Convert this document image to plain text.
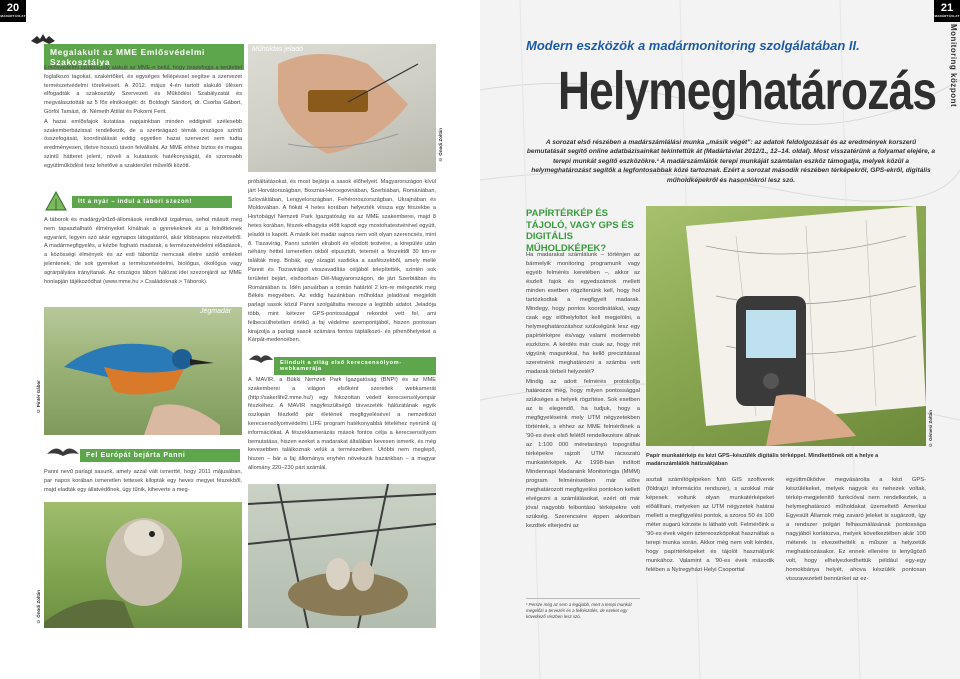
20
MADÁRTÁVLAT
Megalakult az MME Emlősvédelmi Szakosztálya

Emlősvédelmi szakosztály alakult az MME-n belül, hogy összefogja a területtel foglalkozó tagokat, szakértőket, és egységes fellépéssel segítse a szervezet természetvédelmi törekvéseit. A 2012. május 4-én tartott alakuló ülésen elfogadták a szakosztály Szervezeti és Működési Szabályzatát és megválasztották az 5 fős elnökségét: dr. Boldogh Sándort, dr. Csorba Gábort, Görföl Tamást, dr. Németh Attilát és Pokorni Ferit.

A hazai emlősfajok kutatása napjainkban minden eddiginél szélesebb szakemberbázissal rendelkezik, de a szerteágazó témák országos szintű összefogását, koordinálását eddig egyetlen hazai szervezet sem tudta eredményesen, illetve hosszú távon felvállalni. Az MME ehhez biztos és magas szintű hátteret jelent, növeli a kutatások hatékonyságát, és szorosabb együttműködést tesz lehetővé a szakterület művelői között.

Itt a nyár – indul a tábori szezon!

A táborok és madárgyűrűző-állomások rendkívül izgalmas, sehol másutt meg nem tapasztalható élményeket kínálnak a gyerekeknek és a felnőtteknek egyaránt, legyen szó akár egynapos látogatásról, akár többnapos részvételről. A madármegfigyelés, a kézbe fogható madarak, a természetvédelmi előadások, a közösségi élmények és az esti tábortűz nemcsak életre szóló emléket jelentenek, de sok gyereket a természetvédelmi, biológus, ökológus vagy agrárpályára irányítanak. Az országos tábori hálózat idei szezonjáról az MME honlapján tájékozódhat (www.mme.hu > Családoknak > Táborok).

Jégmadár
© Pintér Gábor
Fel Európát bejárta Panni

Panni nevű parlagi sasunk, amely azzal vált ismertté, hogy 2011 májusában, par napos korában ismeretlen tettesek kilopták egy heves megyei fészekből, majd eladták egy állatvédőnek, úgy tűnik, kiheverte a meg-

© Ónodi Zoltán
Műholdas jeladó
© Ónodi Zoltán

próbáltatásokat, és most bejárja a sasok élőhelyeit. Magyarországon kívül járt Horvátországban, Bosznia-Hercegovinában, Szerbiában, Romániában, Szlovákiában, Lengyelországban, Fehéroroszországban, Ukrajnában és Moldovában. A fiókát 4 hetes korában helyezték vissza egy fészekbe a Hortobágyi Nemzeti Park Igazgatóság és az MME szakemberei, majd 8 hetes korában, fészek-elhagyás előtt kapott egy mostohatestvérével együtt, jeladót is kapott. A másik két madár sajnos nem volt olyan szerencsés, mint ő. Tiszavirág, Panni szintén elrabolt és elodott testvére, a kirepülés után néhány héttel ismeretlen okból elpusztult, tetemét a fészektől 30 km-re találták meg. Bobák, egy sízagát sasfióka a sasfészekből, amely mellé Pannit és Tiszavirágot visszavadítás céljából telepítették, szintén sok területet bejárt, elsősorban Dél-Magyarországon, de járt Szerbiában és Romániában is. Idén januárban a román határtól 2 km-re mérgezték meg Békés megyében. Az eddig hazánkban műholdas jeladóval megjelölt parlagi sasok közül Panni szolgáltatta messze a legtöbb adatot. Jeladója több, mint kétezer GPS-pontossággal rekordot vett fel, ami felbecsülhetetlen értékű a faj védelme szempontjából, hiszen pontosan kirajzolja a parlagi sasok számára fontos táplálkozó- és pihenőhelyeket a Kárpát-medencében.

Elindult a világ első kerecsensólyom-webkamerája

A MAVIR, a Bükki Nemzeti Park Igazgatóság (BNPI) és az MME szakemberei a világon elsőként szereltek webkamerát (http://sakerlife2.mme.hu/) egy fokozottan védett kerecsensólyompár fészkéhez. A MAVIR nagyfeszültségű távvezeték hálózatának egyik oszlopán fészkelő pár életének megfigyelésével a nemzetközi kerecsensólyomvédelmi LIFE program hatékonyabbá tételéhez nyerünk új információkat. A fészekkamerázás mások fontos célja a kerecsensólyom bemutatása, hiszen ezeket a madarakat általában kevesen ismerik, és még kevesebben találkoznak velük a természetben. Utóbbi nem meglepő, hiszen – bár a faj állománya enyhén növekszik hazánkban – a magyar állomány 220–230 párt számlál.

21
MADÁRTÁVLAT
Monitoring központ
Modern eszközök a madármonitoring szolgálatában II.
Helymeghatározás
A sorozat első részében a madárszámlálási munka „másik végét”: az adatok feldolgozását és az eredmények korszerű bemutatását segítő online adatbázisainkat tekintettük át (Madártávlat 2012/1., 12–14. oldal). Most visszatérünk a folyamat elejére, a terepi munkát segítő eszközökre.¹ A madárszámlálók terepi munkáját számtalan eszköz támogatja, melyek közül a helymeghatározást segítők a legfontosabbak közé tartoznak. Ezért a sorozat második részében térképekről, GPS-ekről, digitális műholdképekről és hasonlókról lesz szó.
PAPÍRTÉRKÉP ÉS TÁJOLÓ, VAGY GPS ÉS DIGITÁLIS MŰHOLDKÉPEK?

Ha madarakat számlálunk – történjen az bármelyik monitoring programunk vagy egyéb felmérés keretében –, akkor az észlelt fajok és egyedszámok mellett minden esetben rögzítenünk kell, hogy hol tartózkodtak a megfigyelt madarak. Mindegy, hogy pontos koordinátákat, vagy csak egy előhelyfoltot kell megjelölni, a helymeghatározáshoz szükségünk lesz egy papírtérképre és/vagy valami modernebb eszközre. A kérdés már csak az, hogy mit vigyünk magunkkal, ha kellő precizitással szeretnénk meghatározni a számba vett madarak térbeli helyzetét?

Mindig az adott felmérés protokollja határozza meg, hogy milyen pontossággal szükséges a helyek rögzítése. Sok esetben az is elegendő, ha tudjuk, hogy a megfigyeléseink mely UTM négyzetekben történtek, s ehhez az MME felmérőinek a '90-es évek első felétől rendelkezésre állnak az 1:100 000 méretarányú topográfiai térképekre rajzolt UTM rácsozatú munkatérképek. Az 1998-ban indított Mindennapi Madaraink Monitoringja (MMM) program felméréseiben már előre meghatározott megfigyelési pontokon kellett elvégezni a számlálásokat, ezért ott már jóval nagyobb felbontású térképekre volt szükség. Szerencsére éppen akkoriban kezdtek elterjedni az

© Gémesi Zoltán
Papír munkatérkép és kézi GPS–készülék digitális térképpel. Mindkettőnek ott a helye a madárszámlálók hátizsákjában

asztali számítógépeken futó GIS szoftverek (földrajzi információs rendszer), s azokkal már képesek voltunk olyan munkatérképeket előállítani, melyeken az UTM négyzetek határai mellett a megfigyelési pontok, a szoros 50 és 100 méter sugarú körzete is látható volt. Felmérőink a '90-es évek végén sztereoszkópokat használtak a terepi munka során. Akkor még nem volt kérdés, hogy papírtérképeket és tájolót használjunk munkához. Valamint a '90-es évek második felében a Nyíregyházi Helyi Csoporttal

együttműködve megvásárolta a kézi GPS-készülékeket, melyek nagyok és nehezek voltak, térkép-megjelenítő funkcióval nem rendelkeztek, a helymeghatározó műholdakat üzemeltető Amerikai Egyesült Államok még zavaró jeleket is sugárzott, így a rendszer polgári felhasználásának pontossága nagyjából korlátozva, melyek következtében akár 100 méterek is elvezethették a műszer a helyzetük meghatározásakor. Ez ennek ellenére is lenyűgöző volt, hogy elhelyezkedhettük például egy-egy homokbánya helyét, ahova készülék pontosan visszavezetett bennünket az ez-

¹ Persze még az sem a legújabb, mert a terepi munkát megelőzi a tervezés és a felkészülés, de ezeket egy következő részben lesz szó.
